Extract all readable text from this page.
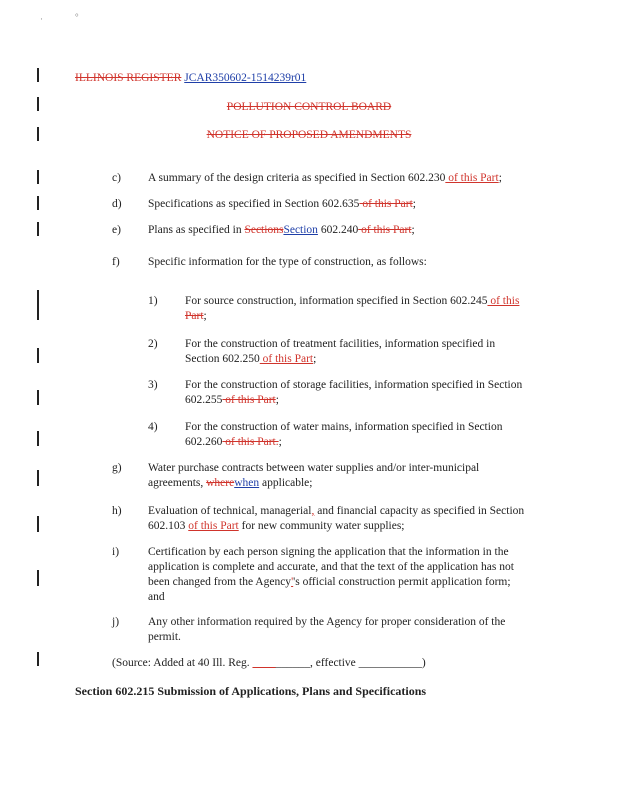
·	°
ILLINOIS REGISTER JCAR350602-1514239r01
POLLUTION CONTROL BOARD
NOTICE OF PROPOSED AMENDMENTS
c) A summary of the design criteria as specified in Section 602.230 of this Part;
d) Specifications as specified in Section 602.635 of this Part;
e) Plans as specified in SectionsSection 602.240 of this Part;
f) Specific information for the type of construction, as follows:
1) For source construction, information specified in Section 602.245 of this
Part;
2) For the construction of treatment facilities, information specified in
Section 602.250 of this Part;
3) For the construction of storage facilities, information specified in Section
602.255 of this Part;
4) For the construction of water mains, information specified in Section
602.260 of this Part.;
g) Water purchase contracts between water supplies and/or inter-municipal
agreements, wherewhen applicable;
h) Evaluation of technical, managerial, and financial capacity as specified in Section
602.103 of this Part for new community water supplies;
i)	Certification by each person signing the application that the information in the
application is complete and accurate, and that the text of the application has not
been changed from the Agency''s official construction permit application form;
and
j)	Any other information required by the Agency for proper consideration of the
permit.
(Source: Added at 40 Ill. Reg. __________, effective ___________)
Section 602.215 Submission of Applications, Plans and Specifications
